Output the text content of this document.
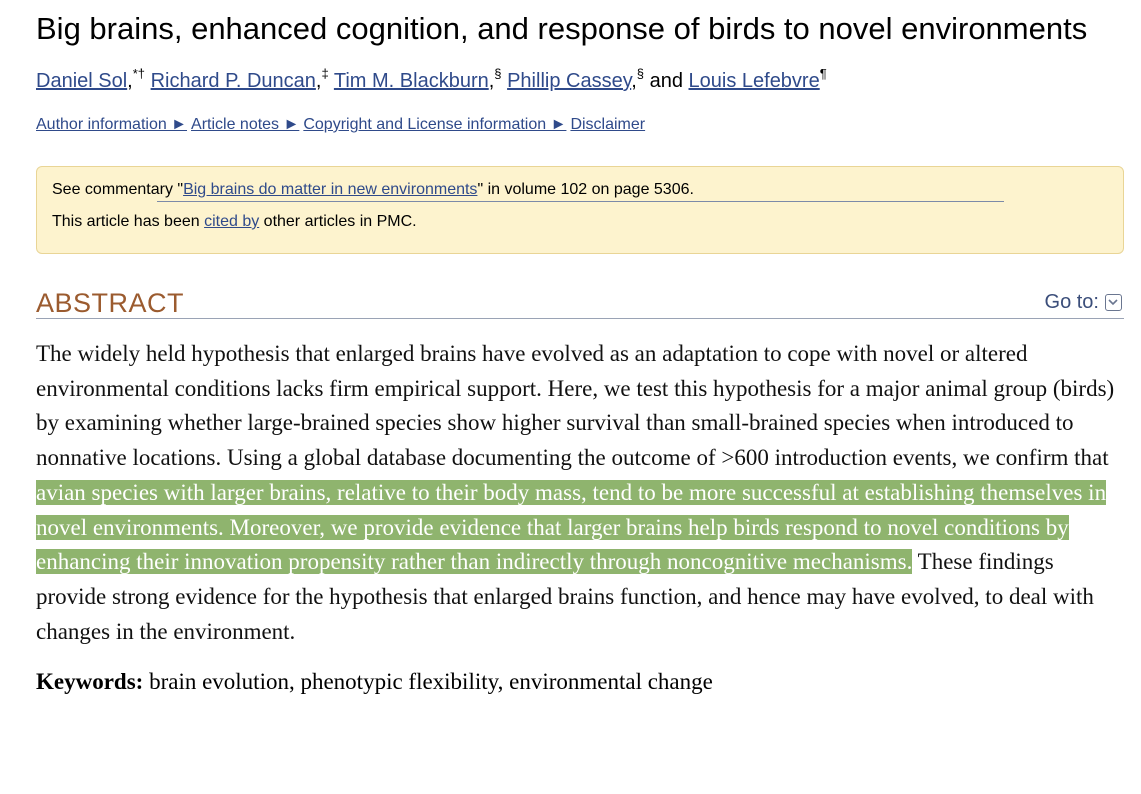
Big brains, enhanced cognition, and response of birds to novel environments
Daniel Sol,*† Richard P. Duncan,‡ Tim M. Blackburn,§ Phillip Cassey,§ and Louis Lefebvre¶
Author information ► Article notes ► Copyright and License information ► Disclaimer
See commentary "Big brains do matter in new environments" in volume 102 on page 5306.
This article has been cited by other articles in PMC.
ABSTRACT	Go to:
The widely held hypothesis that enlarged brains have evolved as an adaptation to cope with novel or altered environmental conditions lacks firm empirical support. Here, we test this hypothesis for a major animal group (birds) by examining whether large-brained species show higher survival than small-brained species when introduced to nonnative locations. Using a global database documenting the outcome of >600 introduction events, we confirm that avian species with larger brains, relative to their body mass, tend to be more successful at establishing themselves in novel environments. Moreover, we provide evidence that larger brains help birds respond to novel conditions by enhancing their innovation propensity rather than indirectly through noncognitive mechanisms. These findings provide strong evidence for the hypothesis that enlarged brains function, and hence may have evolved, to deal with changes in the environment.
Keywords: brain evolution, phenotypic flexibility, environmental change
